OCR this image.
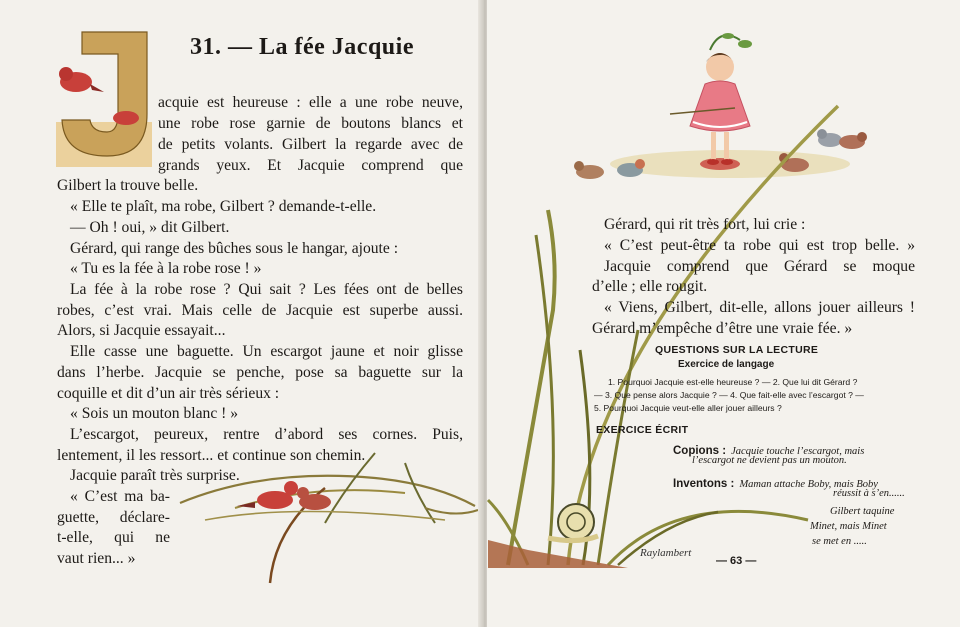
31. — La fée Jacquie
acquie est heureuse : elle a une robe neuve,
une robe rose garnie de boutons blancs et
de petits volants. Gilbert la regarde avec de
grands yeux. Et Jacquie comprend que
Gilbert la trouve belle.
« Elle te plaît, ma robe, Gilbert ? demande-t-elle.
— Oh ! oui, » dit Gilbert.
Gérard, qui range des bûches sous le hangar, ajoute :
« Tu es la fée à la robe rose ! »
La fée à la robe rose ? Qui sait ? Les fées ont de belles
robes, c’est vrai. Mais celle de Jacquie est superbe aussi.
Alors, si Jacquie essayait...
Elle casse une baguette. Un escargot jaune et noir glisse
dans l’herbe. Jacquie se penche, pose sa baguette sur la
coquille et dit d’un air très sérieux :
« Sois un mouton blanc ! »
L’escargot, peureux, rentre d’abord ses cornes. Puis,
lentement, il les ressort... et continue son chemin.
Jacquie paraît très surprise.
« C’est ma ba-
guette, déclare-
t-elle, qui ne
vaut rien... »
Gérard, qui rit très fort, lui crie :
« C’est peut-être ta robe qui est trop belle. »
Jacquie comprend que Gérard se moque
d’elle ; elle rougit.
« Viens, Gilbert, dit-elle, allons jouer ailleurs !
Gérard m’empêche d’être une vraie fée. »
QUESTIONS SUR LA LECTURE
Exercice de langage
1. Pourquoi Jacquie est-elle heureuse ? — 2. Que lui dit Gérard ?
— 3. Que pense alors Jacquie ? — 4. Que fait-elle avec l’escargot ? —
5. Pourquoi Jacquie veut-elle aller jouer ailleurs ?
EXERCICE ÉCRIT
Copions : Jacquie touche l’escargot, mais
l’escargot ne devient pas un mouton.
Inventons : Maman attache Boby, mais Boby
réussit à s’en......
Gilbert taquine
Minet, mais Minet
se met en .....
Raylambert
— 63 —
